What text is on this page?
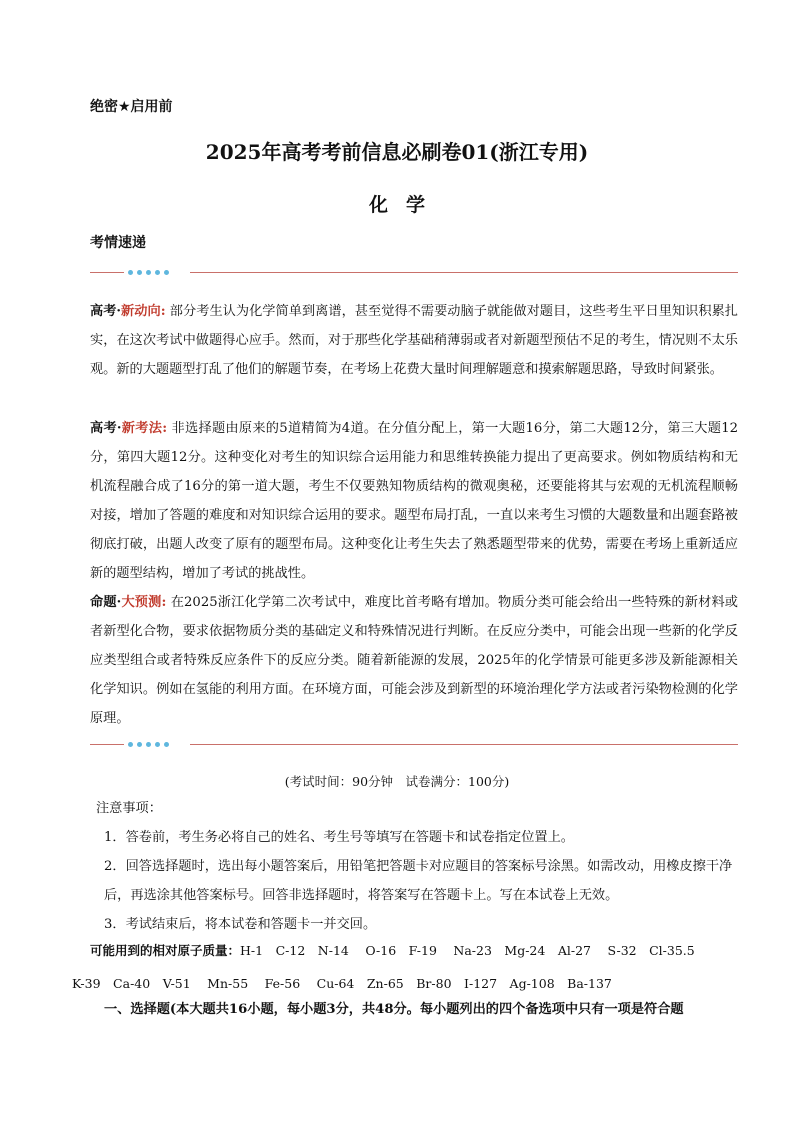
绝密★启用前
2025年高考考前信息必刷卷01(浙江专用)
化学
考情速递
高考·新动向: 部分考生认为化学简单到离谱，甚至觉得不需要动脑子就能做对题目，这些考生平日里知识积累扎实，在这次考试中做题得心应手。然而，对于那些化学基础稍薄弱或者对新题型预估不足的考生，情况则不太乐观。新的大题题型打乱了他们的解题节奏，在考场上花费大量时间理解题意和摸索解题思路，导致时间紧张。
高考·新考法: 非选择题由原来的5道精简为4道。在分值分配上，第一大题16分，第二大题12分，第三大题12分，第四大题12分。这种变化对考生的知识综合运用能力和思维转换能力提出了更高要求。例如物质结构和无机流程融合成了16分的第一道大题，考生不仅要熟知物质结构的微观奥秘，还要能将其与宏观的无机流程顺畅对接，增加了答题的难度和对知识综合运用的要求。题型布局打乱，一直以来考生习惯的大题数量和出题套路被彻底打破，出题人改变了原有的题型布局。这种变化让考生失去了熟悉题型带来的优势，需要在考场上重新适应新的题型结构，增加了考试的挑战性。
命题·大预测: 在2025浙江化学第二次考试中，难度比首考略有增加。物质分类可能会给出一些特殊的新材料或者新型化合物，要求依据物质分类的基础定义和特殊情况进行判断。在反应分类中，可能会出现一些新的化学反应类型组合或者特殊反应条件下的反应分类。随着新能源的发展，2025年的化学情景可能更多涉及新能源相关化学知识。例如在氢能的利用方面。在环境方面，可能会涉及到新型的环境治理化学方法或者污染物检测的化学原理。
(考试时间：90分钟　试卷满分：100分)
注意事项：
1．答卷前，考生务必将自己的姓名、考生号等填写在答题卡和试卷指定位置上。
2．回答选择题时，选出每小题答案后，用铅笔把答题卡对应题目的答案标号涂黑。如需改动，用橡皮擦干净后，再选涂其他答案标号。回答非选择题时，将答案写在答题卡上。写在本试卷上无效。
3．考试结束后，将本试卷和答题卡一并交回。
可能用到的相对原子质量：H-1　C-12　N-14　 O-16　F-19　 Na-23　Mg-24　Al-27　 S-32　Cl-35.5
K-39　Ca-40　V-51　 Mn-55　 Fe-56　 Cu-64　Zn-65　Br-80　I-127　Ag-108　Ba-137
一、选择题(本大题共16小题，每小题3分，共48分。每小题列出的四个备选项中只有一项是符合题
